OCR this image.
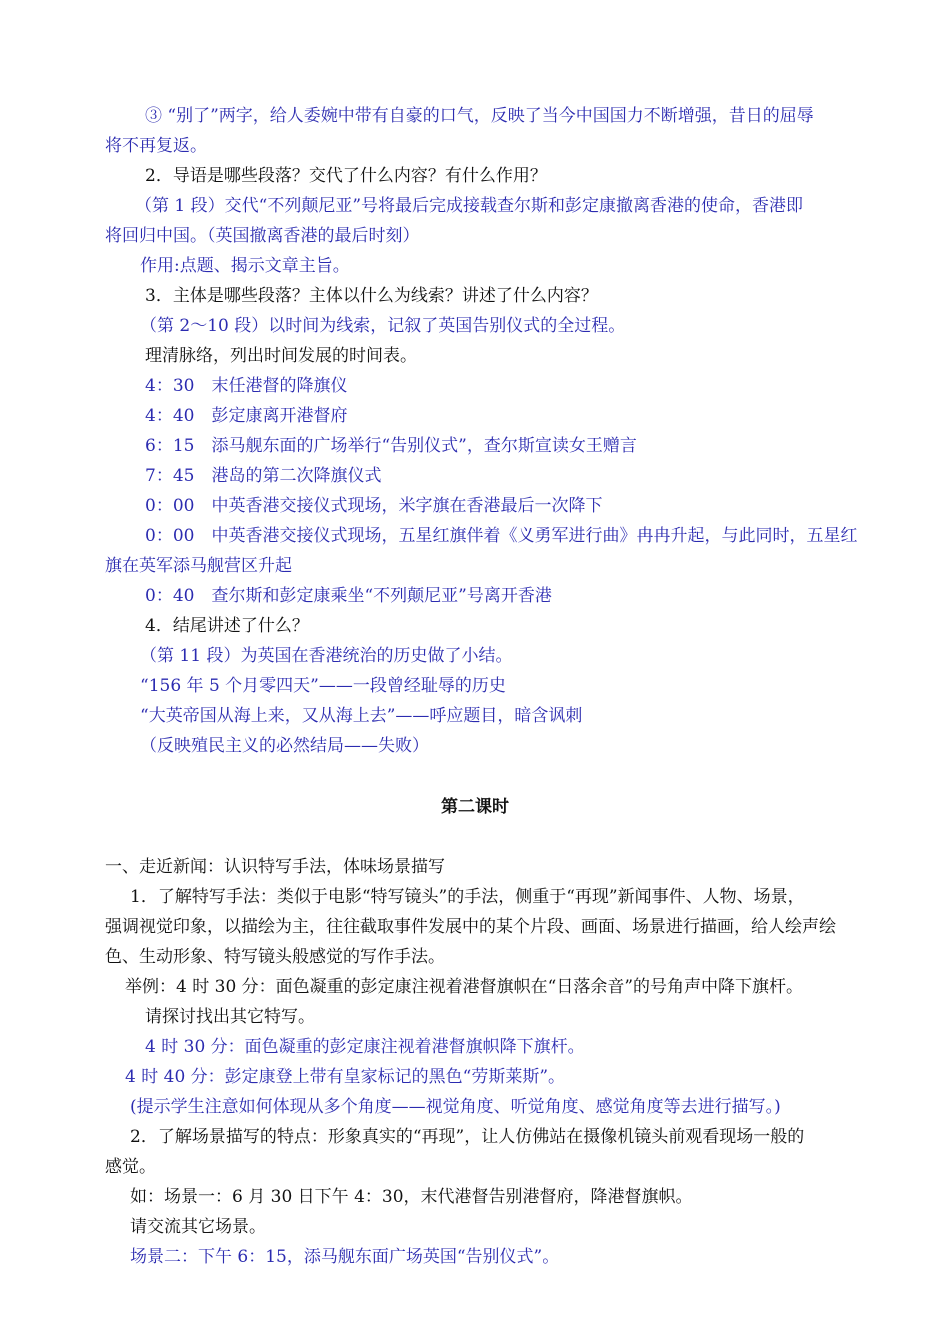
③ “别了”两字，给人委婉中带有自豪的口气，反映了当今中国国力不断增强，昔日的屈辱
将不再复返。
2．导语是哪些段落？交代了什么内容？有什么作用？
（第 1 段）交代“不列颠尼亚”号将最后完成接载查尔斯和彭定康撤离香港的使命，香港即
将回归中国。（英国撤离香港的最后时刻）
作用:点题、揭示文章主旨。
3．主体是哪些段落？主体以什么为线索？讲述了什么内容？
（第 2～10 段）以时间为线索，记叙了英国告别仪式的全过程。
理清脉络，列出时间发展的时间表。
4：30　末任港督的降旗仪
4：40　彭定康离开港督府
6：15　添马舰东面的广场举行“告别仪式”，查尔斯宣读女王赠言
7：45　港岛的第二次降旗仪式
0：00　中英香港交接仪式现场，米字旗在香港最后一次降下
0：00　中英香港交接仪式现场，五星红旗伴着《义勇军进行曲》冉冉升起，与此同时，五星红
旗在英军添马舰营区升起
0：40　查尔斯和彭定康乘坐“不列颠尼亚”号离开香港
4．结尾讲述了什么？
（第 11 段）为英国在香港统治的历史做了小结。
“156 年 5 个月零四天”——一段曾经耻辱的历史
“大英帝国从海上来，又从海上去”——呼应题目，暗含讽刺
（反映殖民主义的必然结局——失败）
第二课时
一、走近新闻：认识特写手法，体味场景描写
1．了解特写手法：类似于电影“特写镜头”的手法，侧重于“再现”新闻事件、人物、场景，
强调视觉印象，以描绘为主，往往截取事件发展中的某个片段、画面、场景进行描画，给人绘声绘
色、生动形象、特写镜头般感觉的写作手法。
举例：4 时 30 分：面色凝重的彭定康注视着港督旗帜在“日落余音”的号角声中降下旗杆。
请探讨找出其它特写。
4 时 30 分：面色凝重的彭定康注视着港督旗帜降下旗杆。
4 时 40 分：彭定康登上带有皇家标记的黑色“劳斯莱斯”。
(提示学生注意如何体现从多个角度——视觉角度、听觉角度、感觉角度等去进行描写。)
2．了解场景描写的特点：形象真实的“再现”，让人仿佛站在摄像机镜头前观看现场一般的
感觉。
如：场景一：6 月 30 日下午 4：30，末代港督告别港督府，降港督旗帜。
请交流其它场景。
场景二：下午 6：15，添马舰东面广场英国“告别仪式”。
